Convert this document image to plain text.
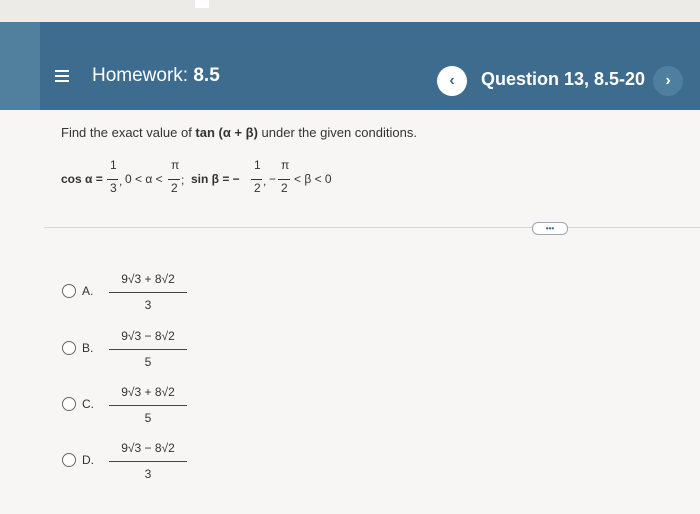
Homework: 8.5	‹	Question 13, 8.5-20	›
Find the exact value of tan (α + β) under the given conditions.
cos α =
1
3 , 0 < α <
π
2
; sin β = −
1
2 , −
π
2
< β < 0
•••
A.
9√3 + 8√2
3
B.
9√3 − 8√2
5
C.
9√3 + 8√2
5
D.
9√3 − 8√2
3
